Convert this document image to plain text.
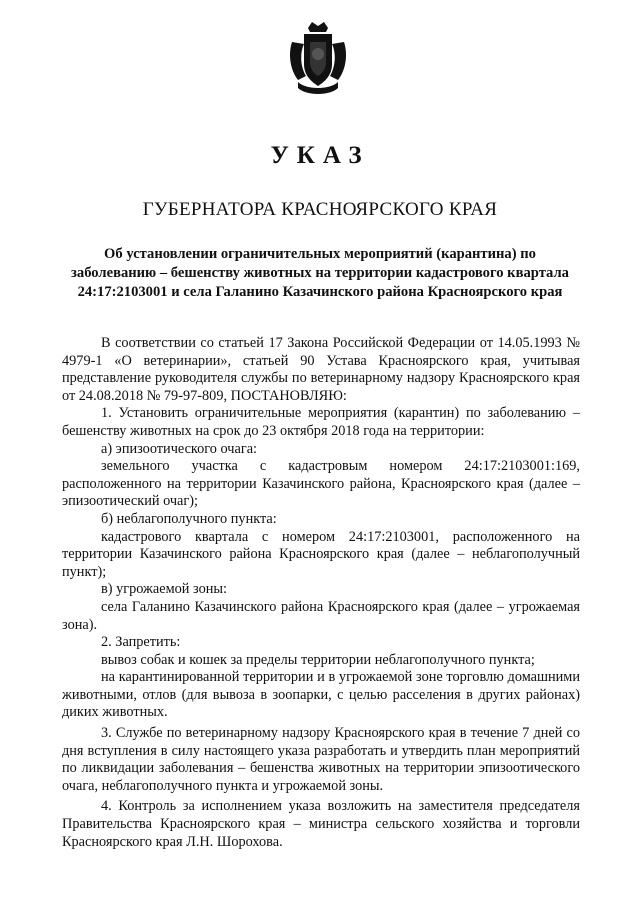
УКАЗ
ГУБЕРНАТОРА КРАСНОЯРСКОГО КРАЯ
Об установлении ограничительных мероприятий (карантина) по заболеванию – бешенству животных на территории кадастрового квартала 24:17:2103001 и села Галанино Казачинского района Красноярского края

В соответствии со статьей 17 Закона Российской Федерации от 14.05.1993 № 4979-1 «О ветеринарии», статьей 90 Устава Красноярского края, учитывая представление руководителя службы по ветеринарному надзору Красноярского края от 24.08.2018 № 79-97-809, ПОСТАНОВЛЯЮ:

1. Установить ограничительные мероприятия (карантин) по заболеванию – бешенству животных на срок до 23 октября 2018 года на территории:

а) эпизоотического очага:

земельного участка с кадастровым номером 24:17:2103001:169, расположенного на территории Казачинского района, Красноярского края (далее – эпизоотический очаг);

б) неблагополучного пункта:

кадастрового квартала с номером 24:17:2103001, расположенного на территории Казачинского района Красноярского края (далее – неблагополучный пункт);

в) угрожаемой зоны:

села Галанино Казачинского района Красноярского края (далее – угрожаемая зона).

2. Запретить:

вывоз собак и кошек за пределы территории неблагополучного пункта;

на карантинированной территории и в угрожаемой зоне торговлю домашними животными, отлов (для вывоза в зоопарки, с целью расселения в других районах) диких животных.

3. Службе по ветеринарному надзору Красноярского края в течение 7 дней со дня вступления в силу настоящего указа разработать и утвердить план мероприятий по ликвидации заболевания – бешенства животных на территории эпизоотического очага, неблагополучного пункта и угрожаемой зоны.

4. Контроль за исполнением указа возложить на заместителя председателя Правительства Красноярского края – министра сельского хозяйства и торговли Красноярского края Л.Н. Шорохова.
